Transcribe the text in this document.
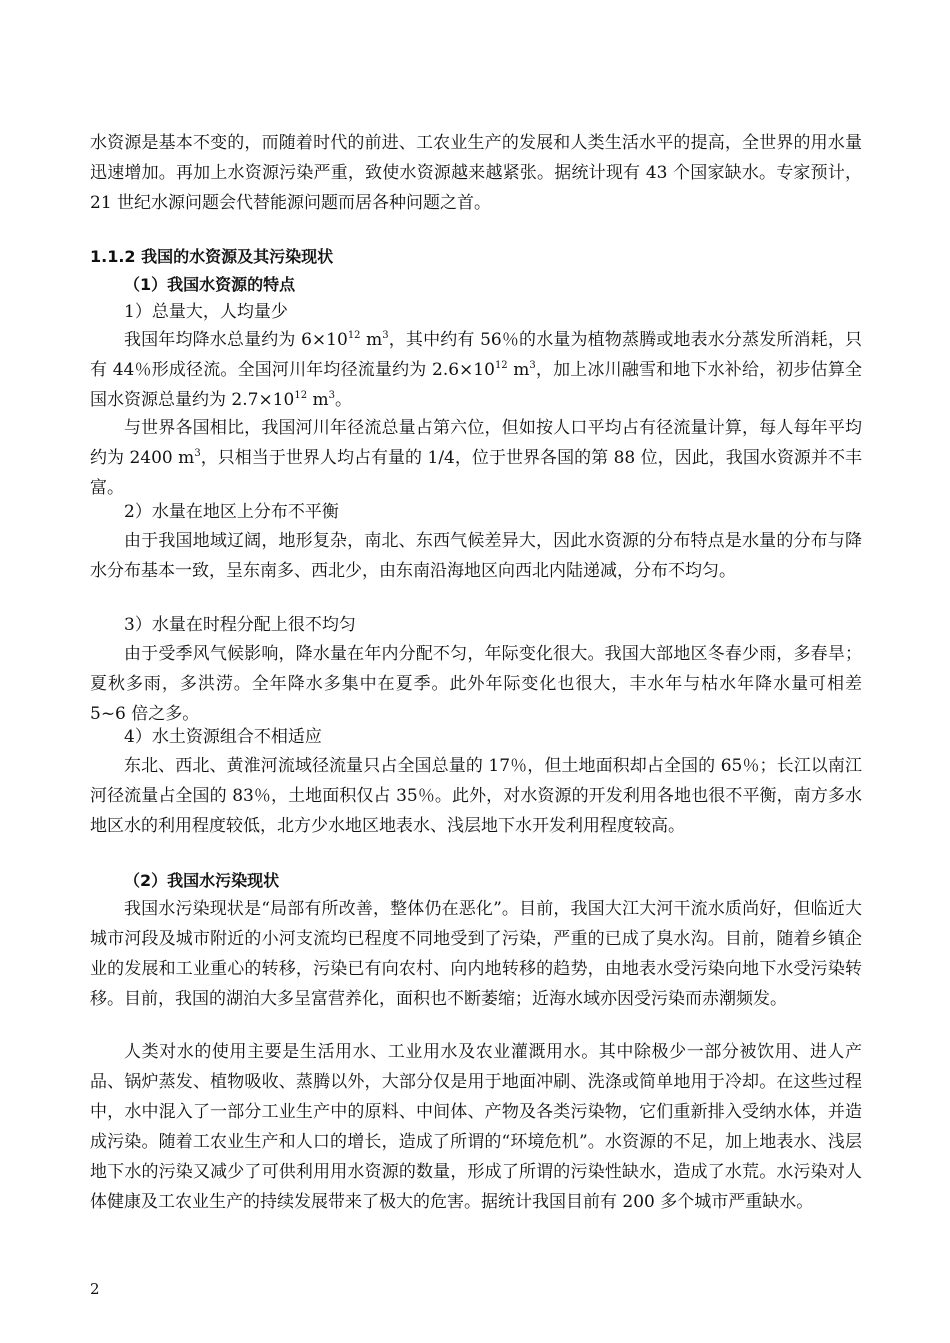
水资源是基本不变的，而随着时代的前进、工农业生产的发展和人类生活水平的提高，全世界的用水量迅速增加。再加上水资源污染严重，致使水资源越来越紧张。据统计现有 43 个国家缺水。专家预计，21 世纪水源问题会代替能源问题而居各种问题之首。

1.1.2 我国的水资源及其污染现状

（1）我国水资源的特点

1）总量大，人均量少

我国年均降水总量约为 $6\times 10^{12}$ $m^3$，其中约有 56％的水量为植物蒸腾或地表水分蒸发所消耗，只有 44％形成径流。全国河川年均径流量约为 $2.6\times 10^{12}$ $m^3$，加上冰川融雪和地下水补给，初步估算全国水资源总量约为 $2.7\times 10^{12}$ $m^3$。

与世界各国相比，我国河川年径流总量占第六位，但如按人口平均占有径流量计算，每人每年平均约为 2400 $m^3$，只相当于世界人均占有量的 1/4，位于世界各国的第 88 位，因此，我国水资源并不丰富。

2）水量在地区上分布不平衡

由于我国地域辽阔，地形复杂，南北、东西气候差异大，因此水资源的分布特点是水量的分布与降水分布基本一致，呈东南多、西北少，由东南沿海地区向西北内陆递减，分布不均匀。

3）水量在时程分配上很不均匀

由于受季风气候影响，降水量在年内分配不匀，年际变化很大。我国大部地区冬春少雨，多春旱；夏秋多雨，多洪涝。全年降水多集中在夏季。此外年际变化也很大，丰水年与枯水年降水量可相差 5~6 倍之多。

4）水土资源组合不相适应

东北、西北、黄淮河流域径流量只占全国总量的 17％，但土地面积却占全国的 65％；长江以南江河径流量占全国的 83％，土地面积仅占 35％。此外，对水资源的开发利用各地也很不平衡，南方多水地区水的利用程度较低，北方少水地区地表水、浅层地下水开发利用程度较高。

（2）我国水污染现状

我国水污染现状是“局部有所改善，整体仍在恶化”。目前，我国大江大河干流水质尚好，但临近大城市河段及城市附近的小河支流均已程度不同地受到了污染，严重的已成了臭水沟。目前，随着乡镇企业的发展和工业重心的转移，污染已有向农村、向内地转移的趋势，由地表水受污染向地下水受污染转移。目前，我国的湖泊大多呈富营养化，面积也不断萎缩；近海水域亦因受污染而赤潮频发。

人类对水的使用主要是生活用水、工业用水及农业灌溉用水。其中除极少一部分被饮用、进人产品、锅炉蒸发、植物吸收、蒸腾以外，大部分仅是用于地面冲刷、洗涤或简单地用于冷却。在这些过程中，水中混入了一部分工业生产中的原料、中间体、产物及各类污染物，它们重新排入受纳水体，并造成污染。随着工农业生产和人口的增长，造成了所谓的“环境危机”。水资源的不足，加上地表水、浅层地下水的污染又减少了可供利用用水资源的数量，形成了所谓的污染性缺水，造成了水荒。水污染对人体健康及工农业生产的持续发展带来了极大的危害。据统计我国目前有 200 多个城市严重缺水。

2
